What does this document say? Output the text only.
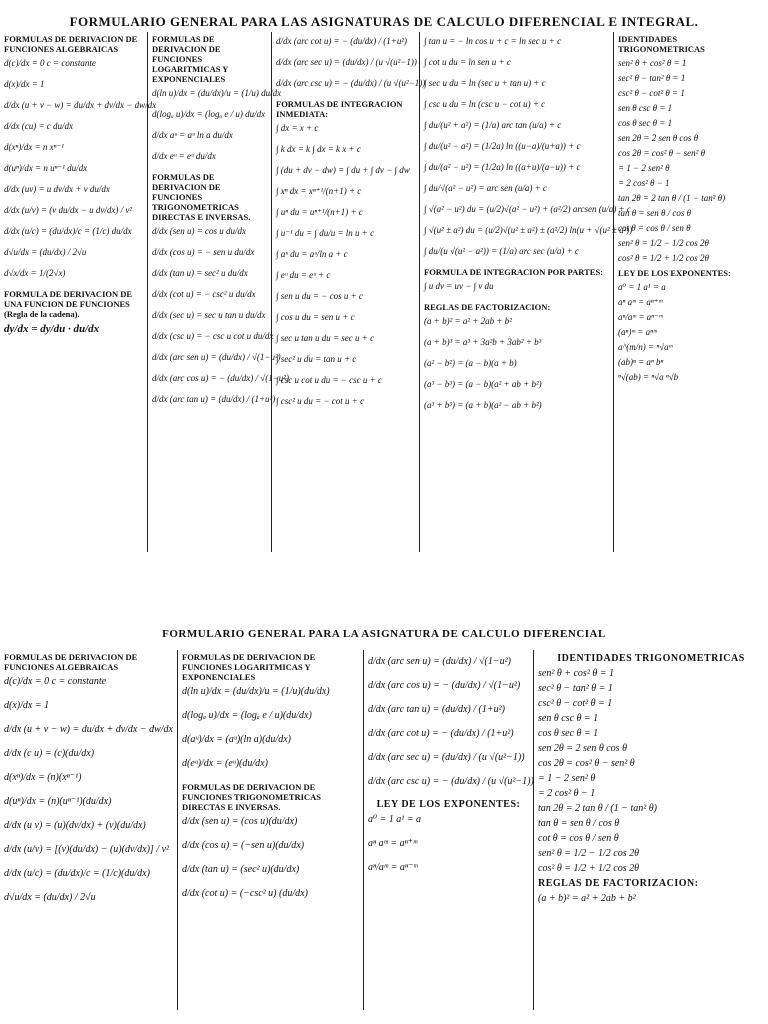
FORMULARIO GENERAL PARA LAS ASIGNATURAS DE CALCULO DIFERENCIAL E INTEGRAL.
FORMULAS DE DERIVACION DE FUNCIONES ALGEBRAICAS
d(c)/dx = 0 c = constante
d(x)/dx = 1
d/dx (u + v − w) = du/dx + dv/dx − dw/dx
d/dx (cu) = c du/dx
d(xⁿ)/dx = n xⁿ⁻¹
d(uⁿ)/dx = n uⁿ⁻¹ du/dx
d/dx (uv) = u dv/dx + v du/dx
d/dx (u/v) = (v du/dx − u dv/dx) / v²
d/dx (u/c) = (du/dx)/c = (1/c) du/dx
d√u/dx = (du/dx) / 2√u
d√x/dx = 1/(2√x)
FORMULA DE DERIVACION DE UNA FUNCION DE FUNCIONES (Regla de la cadena).
dy/dx = dy/du · du/dx
FORMULAS DE DERIVACION DE FUNCIONES LOGARITMICAS Y EXPONENCIALES
d(ln u)/dx = (du/dx)/u = (1/u) du/dx
d(logₐ u)/dx = (logₐ e / u) du/dx
d/dx aᵘ = aᵘ ln a du/dx
d/dx eᵘ = eᵘ du/dx
FORMULAS DE DERIVACION DE FUNCIONES TRIGONOMETRICAS DIRECTAS E INVERSAS.
d/dx (sen u) = cos u du/dx
d/dx (cos u) = − sen u du/dx
d/dx (tan u) = sec² u du/dx
d/dx (cot u) = − csc² u du/dx
d/dx (sec u) = sec u tan u du/dx
d/dx (csc u) = − csc u cot u du/dx
d/dx (arc sen u) = (du/dx) / √(1−u²)
d/dx (arc cos u) = − (du/dx) / √(1−u²)
d/dx (arc tan u) = (du/dx) / (1+u²)
d/dx (arc cot u) = − (du/dx) / (1+u²)
d/dx (arc sec u) = (du/dx) / (u √(u²−1))
d/dx (arc csc u) = − (du/dx) / (u √(u²−1))
FORMULAS DE INTEGRACION INMEDIATA:
∫ dx = x + c
∫ k dx = k ∫ dx = k x + c
∫ (du + dv − dw) = ∫ du + ∫ dv − ∫ dw
∫ xⁿ dx = xⁿ⁺¹/(n+1) + c
∫ uⁿ du = uⁿ⁺¹/(n+1) + c
∫ u⁻¹ du = ∫ du/u = ln u + c
∫ aᵘ du = aᵘ/ln a + c
∫ eᵘ du = eᵘ + c
∫ sen u du = − cos u + c
∫ cos u du = sen u + c
∫ sec u tan u du = sec u + c
∫ sec² u du = tan u + c
∫ csc u cot u du = − csc u + c
∫ csc² u du = − cot u + c
∫ tan u = − ln cos u + c = ln sec u + c
∫ cot u du = ln sen u + c
∫ sec u du = ln (sec u + tan u) + c
∫ csc u du = ln (csc u − cot u) + c
∫ du/(u² + a²) = (1/a) arc tan (u/a) + c
∫ du/(u² − a²) = (1/2a) ln ((u−a)/(u+a)) + c
∫ du/(a² − u²) = (1/2a) ln ((a+u)/(a−u)) + c
∫ du/√(a² − u²) = arc sen (u/a) + c
∫ √(a² − u²) du = (u/2)√(a² − u²) + (a²/2) arcsen (u/a) + c
∫ √(u² ± a²) du = (u/2)√(u² ± a²) ± (a²/2) ln(u + √(u² ± a²))
∫ du/(u √(u² − a²)) = (1/a) arc sec (u/a) + c
FORMULA DE INTEGRACION POR PARTES:
∫ u dv = uv − ∫ v du
REGLAS DE FACTORIZACION:
(a + b)² = a² + 2ab + b²
(a + b)³ = a³ + 3a²b + 3ab² + b³
(a² − b²) = (a − b)(a + b)
(a³ − b³) = (a − b)(a² + ab + b²)
(a³ + b³) = (a + b)(a² − ab + b²)
IDENTIDADES TRIGONOMETRICAS
sen² θ + cos² θ = 1
sec² θ − tan² θ = 1
csc² θ − cot² θ = 1
sen θ csc θ = 1
cos θ sec θ = 1
sen 2θ = 2 sen θ cos θ
cos 2θ = cos² θ − sen² θ
= 1 − 2 sen² θ
= 2 cos² θ − 1
tan 2θ = 2 tan θ / (1 − tan² θ)
tan θ = sen θ / cos θ
cot θ = cos θ / sen θ
sen² θ = 1/2 − 1/2 cos 2θ
cos² θ = 1/2 + 1/2 cos 2θ
LEY DE LOS EXPONENTES:
a⁰ = 1 a¹ = a
aⁿ aᵐ = aⁿ⁺ᵐ
aⁿ/aᵐ = aⁿ⁻ᵐ
(aⁿ)ᵐ = aⁿᵐ
a^(m/n) = ⁿ√aᵐ
(ab)ⁿ = aⁿ bⁿ
ⁿ√(ab) = ⁿ√a ⁿ√b
FORMULARIO GENERAL PARA LA ASIGNATURA DE CALCULO DIFERENCIAL
FORMULAS DE DERIVACION DE FUNCIONES ALGEBRAICAS
d(c)/dx = 0 c = constante
d(x)/dx = 1
d/dx (u + v − w) = du/dx + dv/dx − dw/dx
d/dx (c u) = (c)(du/dx)
d(xⁿ)/dx = (n)(xⁿ⁻¹)
d(uⁿ)/dx = (n)(uⁿ⁻¹)(du/dx)
d/dx (u v) = (u)(dv/dx) + (v)(du/dx)
d/dx (u/v) = [(v)(du/dx) − (u)(dv/dx)] / v²
d/dx (u/c) = (du/dx)/c = (1/c)(du/dx)
d√u/dx = (du/dx) / 2√u
FORMULAS DE DERIVACION DE FUNCIONES LOGARITMICAS Y EXPONENCIALES
d(ln u)/dx = (du/dx)/u = (1/u)(du/dx)
d(logₐ u)/dx = (logₐ e / u)(du/dx)
d(aᵘ)/dx = (aᵘ)(ln a)(du/dx)
d(eᵘ)/dx = (eᵘ)(du/dx)
FORMULAS DE DERIVACION DE FUNCIONES TRIGONOMETRICAS DIRECTAS E INVERSAS.
d/dx (sen u) = (cos u)(du/dx)
d/dx (cos u) = (−sen u)(du/dx)
d/dx (tan u) = (sec² u)(du/dx)
d/dx (cot u) = (−csc² u) (du/dx)
d/dx (arc sen u) = (du/dx) / √(1−u²)
d/dx (arc cos u) = − (du/dx) / √(1−u²)
d/dx (arc tan u) = (du/dx) / (1+u²)
d/dx (arc cot u) = − (du/dx) / (1+u²)
d/dx (arc sec u) = (du/dx) / (u √(u²−1))
d/dx (arc csc u) = − (du/dx) / (u √(u²−1))
LEY DE LOS EXPONENTES:
a⁰ = 1 a¹ = a
aⁿ aᵐ = aⁿ⁺ᵐ
aⁿ/aᵐ = aⁿ⁻ᵐ
IDENTIDADES TRIGONOMETRICAS
sen² θ + cos² θ = 1
sec² θ − tan² θ = 1
csc² θ − cot² θ = 1
sen θ csc θ = 1
cos θ sec θ = 1
sen 2θ = 2 sen θ cos θ
cos 2θ = cos² θ − sen² θ
= 1 − 2 sen² θ
= 2 cos² θ − 1
tan 2θ = 2 tan θ / (1 − tan² θ)
tan θ = sen θ / cos θ
cot θ = cos θ / sen θ
sen² θ = 1/2 − 1/2 cos 2θ
cos² θ = 1/2 + 1/2 cos 2θ
REGLAS DE FACTORIZACION:
(a + b)² = a² + 2ab + b²
